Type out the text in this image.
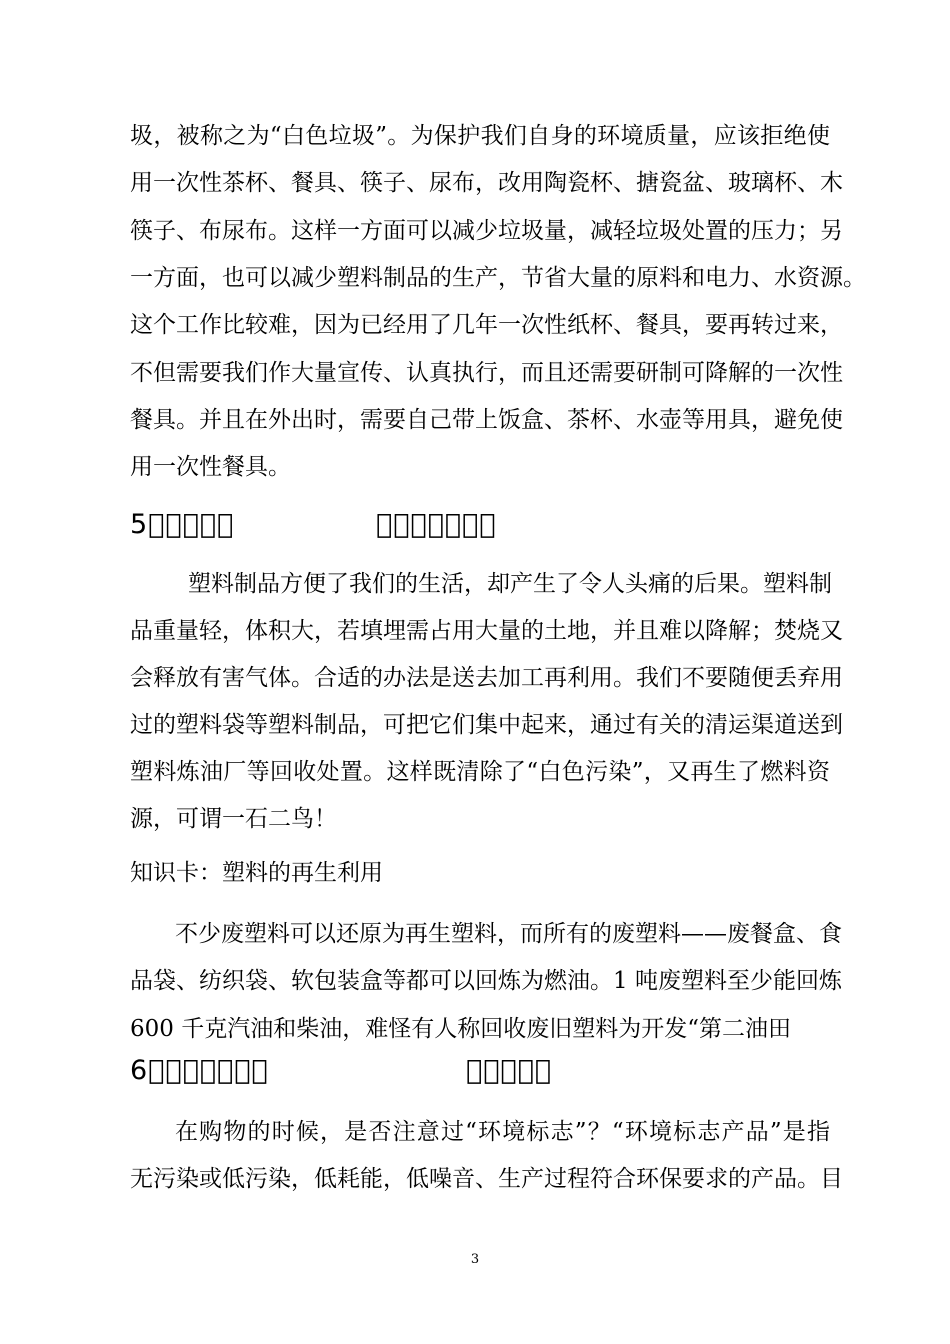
圾，被称之为“白色垃圾”。为保护我们自身的环境质量，应该拒绝使
用一次性茶杯、餐具、筷子、尿布，改用陶瓷杯、搪瓷盆、玻璃杯、木
筷子、布尿布。这样一方面可以减少垃圾量，减轻垃圾处置的压力；另
一方面，也可以减少塑料制品的生产，节省大量的原料和电力、水资源。
这个工作比较难，因为已经用了几年一次性纸杯、餐具，要再转过来，
不但需要我们作大量宣传、认真执行，而且还需要研制可降解的一次性
餐具。并且在外出时，需要自己带上饭盒、茶杯、水壶等用具，避免使
用一次性餐具。
5     	       
塑料制品方便了我们的生活，却产生了令人头痛的后果。塑料制
品重量轻，体积大，若填埋需占用大量的土地，并且难以降解；焚烧又
会释放有害气体。合适的办法是送去加工再利用。我们不要随便丢弃用
过的塑料袋等塑料制品，可把它们集中起来，通过有关的清运渠道送到
塑料炼油厂等回收处置。这样既清除了“白色污染”，又再生了燃料资
源，可谓一石二鸟！
知识卡：塑料的再生利用
不少废塑料可以还原为再生塑料，而所有的废塑料——废餐盒、食
品袋、纺织袋、软包装盒等都可以回炼为燃油。1 吨废塑料至少能回炼
600 千克汽油和柴油，难怪有人称回收废旧塑料为开发“第二油田
6       	     
在购物的时候，是否注意过“环境标志”？“环境标志产品”是指
无污染或低污染，低耗能，低噪音、生产过程符合环保要求的产品。目
3
